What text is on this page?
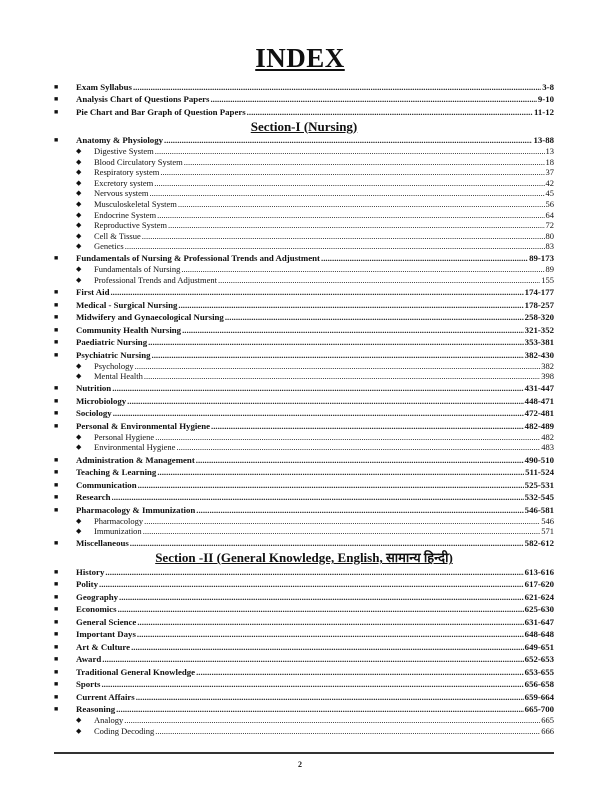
INDEX
■	Exam Syllabus .....	3-8
■	Analysis Chart of Questions Papers .....	9-10
■	Pie Chart and Bar Graph of Question Papers .....	11-12
Section-I (Nursing)
■	Anatomy & Physiology .....	13-88
◆	Digestive System .....	13
◆	Blood Circulatory System .....	18
◆	Respiratory system .....	37
◆	Excretory system .....	42
◆	Nervous system .....	45
◆	Musculoskeletal System .....	56
◆	Endocrine System .....	64
◆	Reproductive System .....	72
◆	Cell & Tissue .....	80
◆	Genetics .....	83
■	Fundamentals of Nursing & Professional Trends and Adjustment .....	89-173
◆	Fundamentals of Nursing .....	89
◆	Professional Trends and Adjustment .....	155
■	First Aid .....	174-177
■	Medical - Surgical Nursing .....	178-257
■	Midwifery and Gynaecological Nursing .....	258-320
■	Community Health Nursing .....	321-352
■	Paediatric Nursing .....	353-381
■	Psychiatric Nursing .....	382-430
◆	Psychology .....	382
◆	Mental Health .....	398
■	Nutrition .....	431-447
■	Microbiology .....	448-471
■	Sociology .....	472-481
■	Personal & Environmental Hygiene .....	482-489
◆	Personal Hygiene .....	482
◆	Environmental Hygiene .....	483
■	Administration & Management .....	490-510
■	Teaching & Learning .....	511-524
■	Communication .....	525-531
■	Research .....	532-545
■	Pharmacology & Immunization .....	546-581
◆	Pharmacology .....	546
◆	Immunization .....	571
■	Miscellaneous .....	582-612
Section -II (General Knowledge, English, सामान्य हिन्दी)
■	History .....	613-616
■	Polity .....	617-620
■	Geography .....	621-624
■	Economics .....	625-630
■	General Science .....	631-647
■	Important Days .....	648-648
■	Art & Culture .....	649-651
■	Award .....	652-653
■	Traditional General Knowledge .....	653-655
■	Sports .....	656-658
■	Current Affairs .....	659-664
■	Reasoning .....	665-700
◆	Analogy .....	665
◆	Coding Decoding .....	666
2
